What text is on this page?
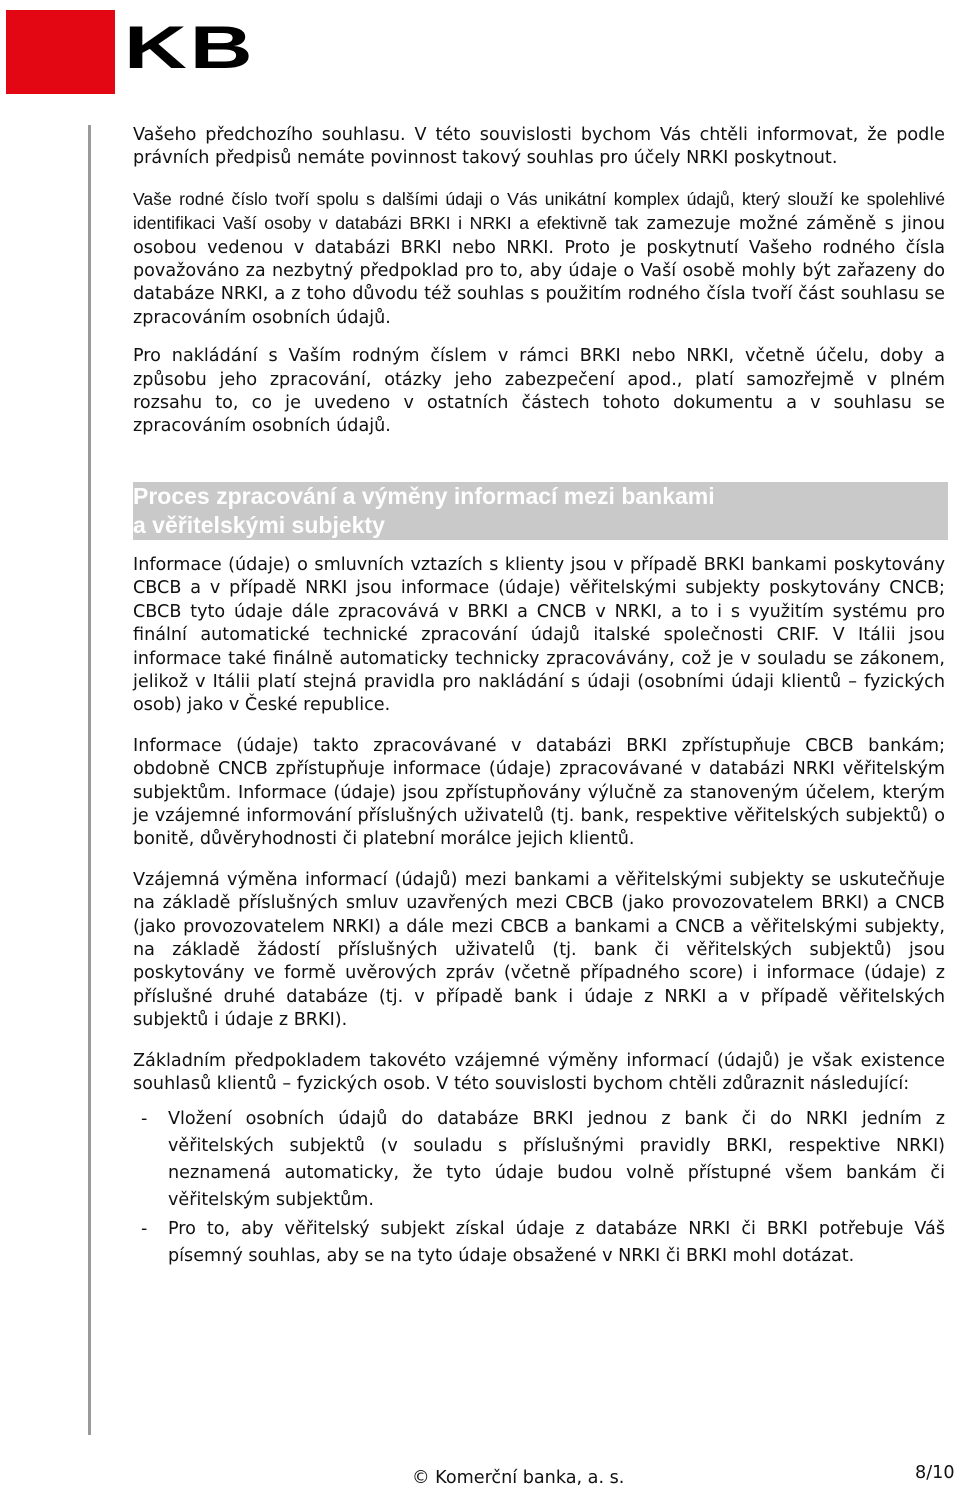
KB

Vašeho předchozího souhlasu. V této souvislosti bychom Vás chtěli informovat, že podle právních předpisů nemáte povinnost takový souhlas pro účely NRKI poskytnout.

Vaše rodné číslo tvoří spolu s dalšími údaji o Vás unikátní komplex údajů, který slouží ke spolehlivé identifikaci Vaší osoby v databázi BRKI i NRKI a efektivně tak zamezuje možné záměně s jinou osobou vedenou v databázi BRKI nebo NRKI. Proto je poskytnutí Vašeho rodného čísla považováno za nezbytný předpoklad pro to, aby údaje o Vaší osobě mohly být zařazeny do databáze NRKI, a z toho důvodu též souhlas s použitím rodného čísla tvoří část souhlasu se zpracováním osobních údajů.

Pro nakládání s Vaším rodným číslem v rámci BRKI nebo NRKI, včetně účelu, doby a způsobu jeho zpracování, otázky jeho zabezpečení apod., platí samozřejmě v plném rozsahu to, co je uvedeno v ostatních částech tohoto dokumentu a v souhlasu se zpracováním osobních údajů.

Proces zpracování a výměny informací mezi bankami
a věřitelskými subjekty

Informace (údaje) o smluvních vztazích s klienty jsou v případě BRKI bankami poskytovány CBCB a v případě NRKI jsou informace (údaje) věřitelskými subjekty poskytovány CNCB; CBCB tyto údaje dále zpracovává v BRKI a CNCB v NRKI, a to i s využitím systému pro finální automatické technické zpracování údajů italské společnosti CRIF. V Itálii jsou informace také finálně automaticky technicky zpracovávány, což je v souladu se zákonem, jelikož v Itálii platí stejná pravidla pro nakládání s údaji (osobními údaji klientů – fyzických osob) jako v České republice.

Informace (údaje) takto zpracovávané v databázi BRKI zpřístupňuje CBCB bankám; obdobně CNCB zpřístupňuje informace (údaje) zpracovávané v databázi NRKI věřitelským subjektům. Informace (údaje) jsou zpřístupňovány výlučně za stanoveným účelem, kterým je vzájemné informování příslušných uživatelů (tj. bank, respektive věřitelských subjektů) o bonitě, důvěryhodnosti či platební morálce jejich klientů.

Vzájemná výměna informací (údajů) mezi bankami a věřitelskými subjekty se uskutečňuje na základě příslušných smluv uzavřených mezi CBCB (jako provozovatelem BRKI) a CNCB (jako provozovatelem NRKI) a dále mezi CBCB a bankami a CNCB a věřitelskými subjekty, na základě žádostí příslušných uživatelů (tj. bank či věřitelských subjektů) jsou poskytovány ve formě uvěrových zpráv (včetně případného score) i informace (údaje) z příslušné druhé databáze (tj. v případě bank i údaje z NRKI a v případě věřitelských subjektů i údaje z BRKI).

Základním předpokladem takovéto vzájemné výměny informací (údajů) je však existence souhlasů klientů – fyzických osob. V této souvislosti bychom chtěli zdůraznit následující:

- Vložení osobních údajů do databáze BRKI jednou z bank či do NRKI jedním z věřitelských subjektů (v souladu s příslušnými pravidly BRKI, respektive NRKI) neznamená automaticky, že tyto údaje budou volně přístupné všem bankám či věřitelským subjektům.
- Pro to, aby věřitelský subjekt získal údaje z databáze NRKI či BRKI potřebuje Váš písemný souhlas, aby se na tyto údaje obsažené v NRKI či BRKI mohl dotázat.
© Komerční banka, a. s.	8/10
